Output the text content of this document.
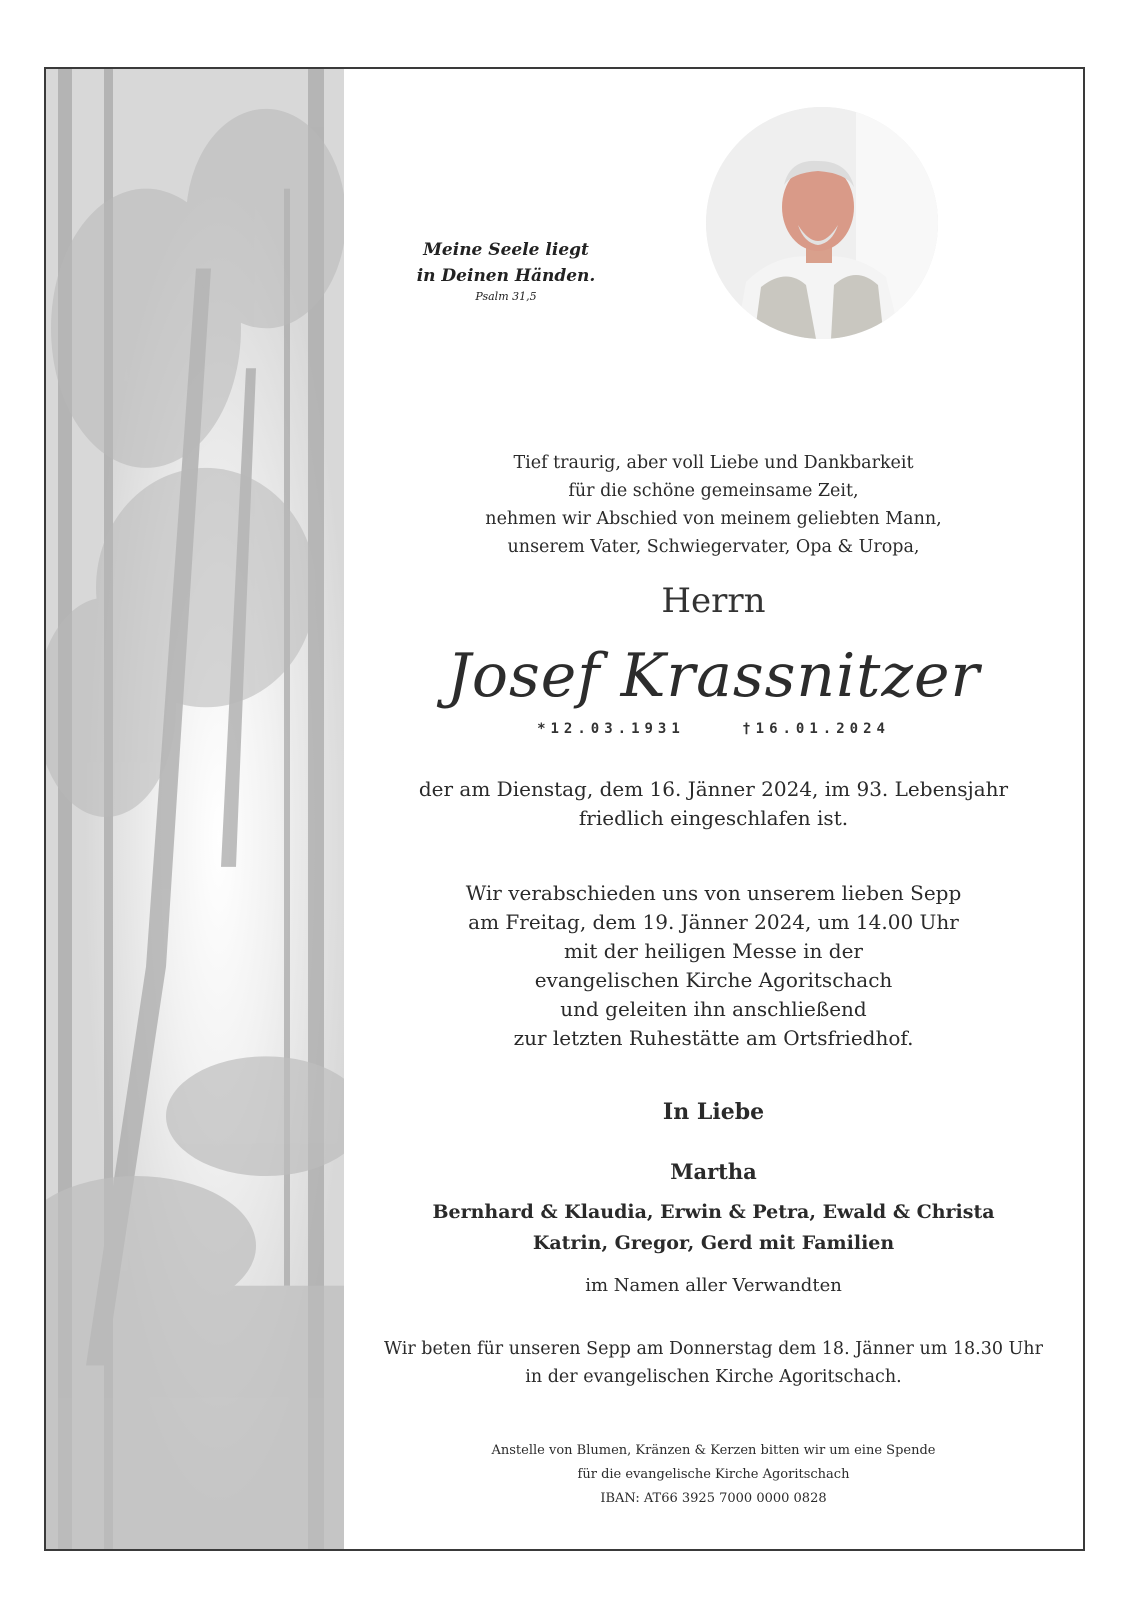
Meine Seele liegt
in Deinen Händen.
Psalm 31,5
Tief traurig, aber voll Liebe und Dankbarkeit
für die schöne gemeinsame Zeit,
nehmen wir Abschied von meinem geliebten Mann,
unserem Vater, Schwiegervater, Opa & Uropa,
Herrn
Josef Krassnitzer
*12.03.1931	†16.01.2024
der am Dienstag, dem 16. Jänner 2024, im 93. Lebensjahr
friedlich eingeschlafen ist.
Wir verabschieden uns von unserem lieben Sepp
am Freitag, dem 19. Jänner 2024, um 14.00 Uhr
mit der heiligen Messe in der
evangelischen Kirche Agoritschach
und geleiten ihn anschließend
zur letzten Ruhestätte am Ortsfriedhof.
In Liebe
Martha
Bernhard & Klaudia, Erwin & Petra, Ewald & Christa
Katrin, Gregor, Gerd mit Familien
im Namen aller Verwandten
Wir beten für unseren Sepp am Donnerstag dem 18. Jänner um 18.30 Uhr
in der evangelischen Kirche Agoritschach.
Anstelle von Blumen, Kränzen & Kerzen bitten wir um eine Spende
für die evangelische Kirche Agoritschach
IBAN: AT66 3925 7000 0000 0828
